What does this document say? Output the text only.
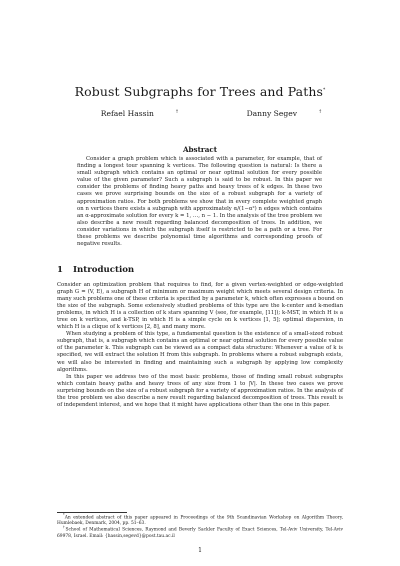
Robust Subgraphs for Trees and Paths*
Refael Hassin	†	Danny Segev	†
Abstract

Consider a graph problem which is associated with a parameter, for example, that of finding a longest tour spanning k vertices. The following question is natural: Is there a small subgraph which contains an optimal or near optimal solution for every possible value of the given parameter? Such a subgraph is said to be robust. In this paper we consider the problems of finding heavy paths and heavy trees of k edges. In these two cases we prove surprising bounds on the size of a robust subgraph for a variety of approximation ratios. For both problems we show that in every complete weighted graph on n vertices there exists a subgraph with approximately α/(1−α²) n edges which contains an α-approximate solution for every k = 1, …, n − 1. In the analysis of the tree problem we also describe a new result regarding balanced decomposition of trees. In addition, we consider variations in which the subgraph itself is restricted to be a path or a tree. For these problems we describe polynomial time algorithms and corresponding proofs of negative results.

1 Introduction

Consider an optimization problem that requires to find, for a given vertex-weighted or edge-weighted graph G = (V, E), a subgraph H of minimum or maximum weight which meets several design criteria. In many such problems one of these criteria is specified by a parameter k, which often expresses a bound on the size of the subgraph. Some extensively studied problems of this type are the k-center and k-median problems, in which H is a collection of k stars spanning V (see, for example, [11]); k-MST, in which H is a tree on k vertices, and k-TSP, in which H is a simple cycle on k vertices [1, 5]; optimal dispersion, in which H is a clique of k vertices [2, 8], and many more.

When studying a problem of this type, a fundamental question is the existence of a small-sized robust subgraph, that is, a subgraph which contains an optimal or near optimal solution for every possible value of the parameter k. This subgraph can be viewed as a compact data structure: Whenever a value of k is specified, we will extract the solution H from this subgraph. In problems where a robust subgraph exists, we will also be interested in finding and maintaining such a subgraph by applying low complexity algorithms.

In this paper we address two of the most basic problems, those of finding small robust subgraphs which contain heavy paths and heavy trees of any size from 1 to |V|. In these two cases we prove surprising bounds on the size of a robust subgraph for a variety of approximation ratios. In the analysis of the tree problem we also describe a new result regarding balanced decomposition of trees. This result is of independent interest, and we hope that it might have applications other than the one in this paper.

*An extended abstract of this paper appeared in Proceedings of the 9th Scandinavian Workshop on Algorithm Theory, Humlebaek, Denmark, 2004, pp. 51–63.

†School of Mathematical Sciences, Raymond and Beverly Sackler Faculty of Exact Sciences, Tel-Aviv University, Tel-Aviv 69978, Israel. Email: {hassin,segevd}@post.tau.ac.il

1
